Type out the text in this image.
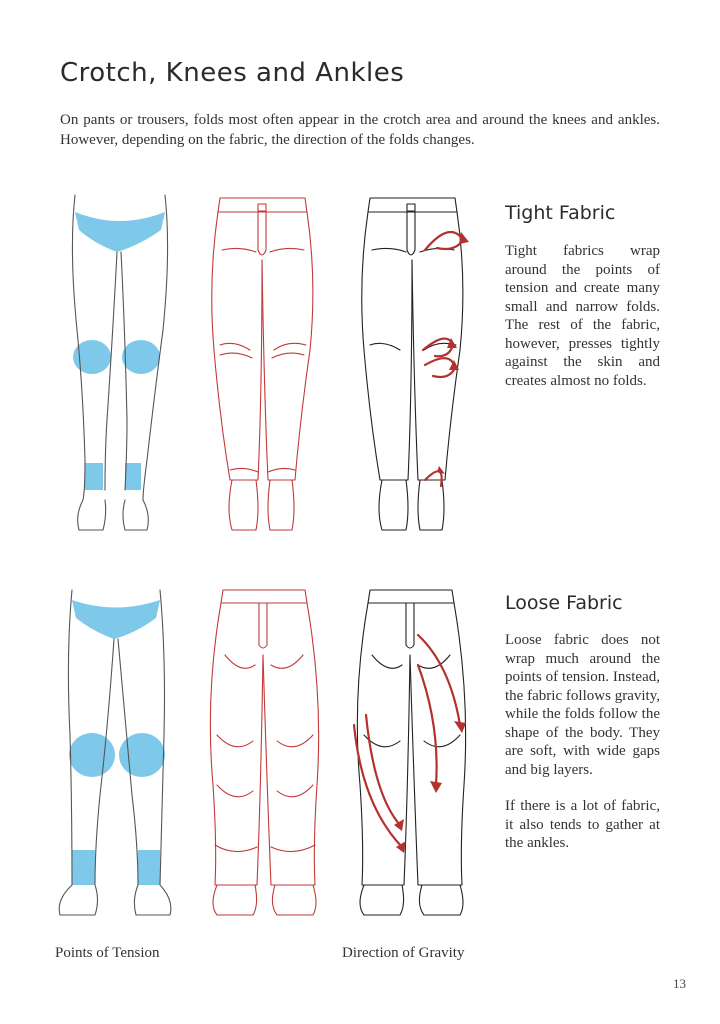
Crotch, Knees and Ankles
On pants or trousers, folds most often appear in the crotch area and around the knees and ankles. However, depending on the fabric, the direction of the folds changes.
Tight Fabric

Tight fabrics wrap around the points of tension and create many small and narrow folds. The rest of the fabric, however, presses tightly against the skin and creates almost no folds.

Loose Fabric

Loose fabric does not wrap much around the points of tension. Instead, the fabric follows gravity, while the folds follow the shape of the body. They are soft, with wide gaps and big layers.

If there is a lot of fabric, it also tends to gather at the ankles.

Points of Tension	Direction of Gravity
13
